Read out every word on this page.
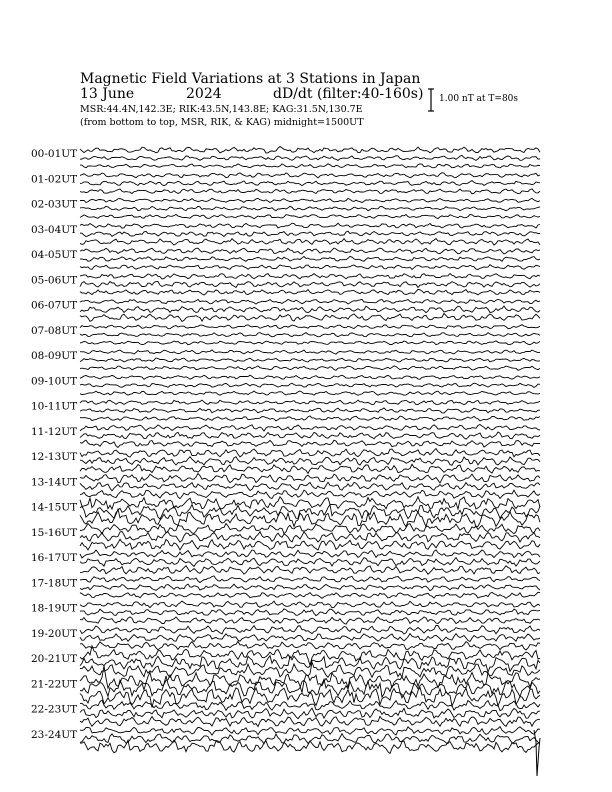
Magnetic Field Variations at 3 Stations in Japan
13 June	2024	dD/dt (filter:40-160s)
MSR:44.4N,142.3E; RIK:43.5N,143.8E; KAG:31.5N,130.7E
(from bottom to top, MSR, RIK, & KAG) midnight=1500UT
1.00 nT at T=80s
00-01UT
01-02UT
02-03UT
03-04UT
04-05UT
05-06UT
06-07UT
07-08UT
08-09UT
09-10UT
10-11UT
11-12UT
12-13UT
13-14UT
14-15UT
15-16UT
16-17UT
17-18UT
18-19UT
19-20UT
20-21UT
21-22UT
22-23UT
23-24UT
